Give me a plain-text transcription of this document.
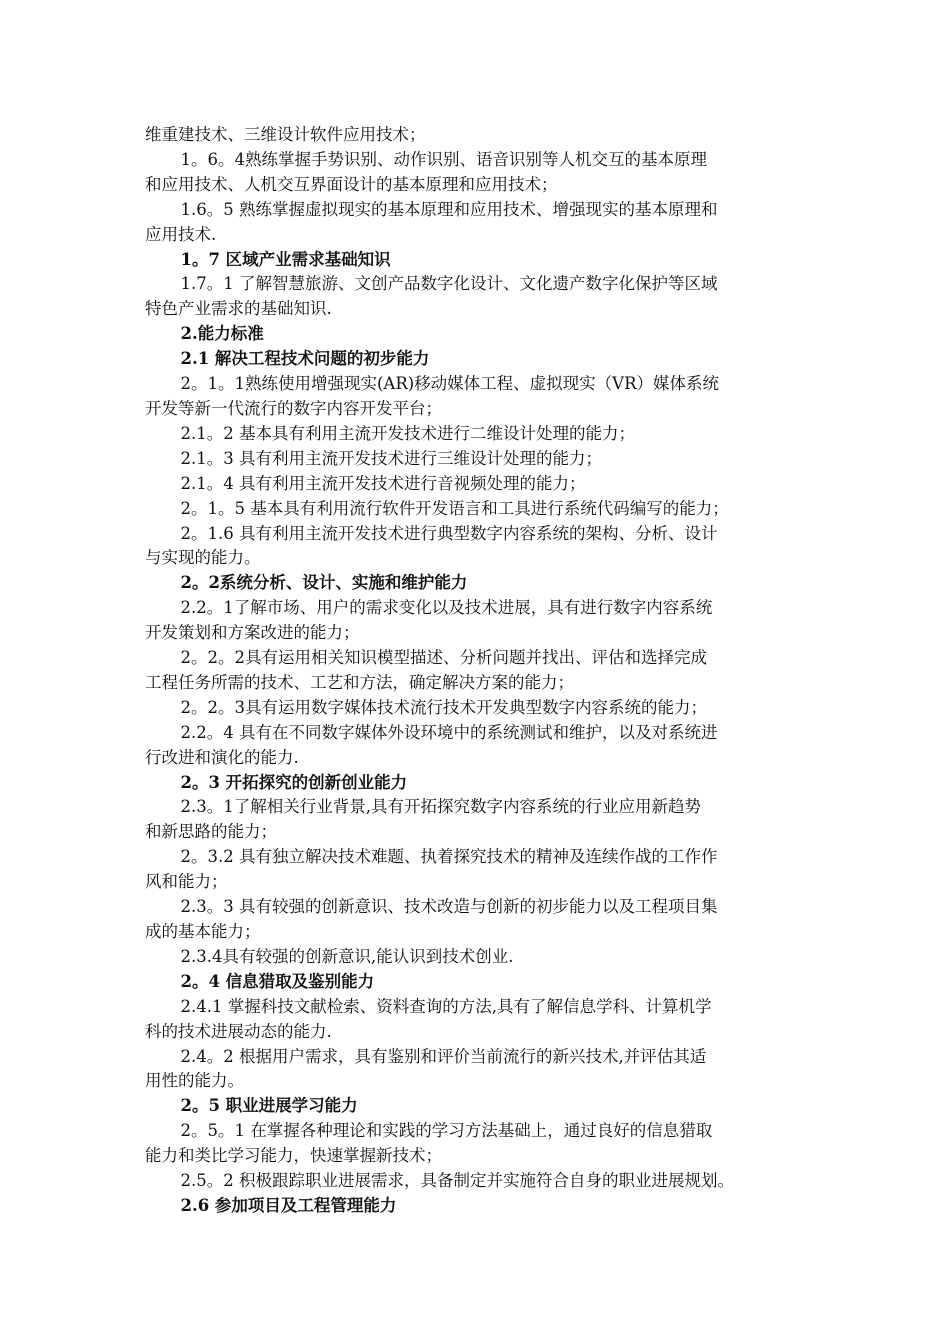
维重建技术、三维设计软件应用技术；

1。6。4熟练掌握手势识别、动作识别、语音识别等人机交互的基本原理

和应用技术、人机交互界面设计的基本原理和应用技术；

1.6。5 熟练掌握虚拟现实的基本原理和应用技术、增强现实的基本原理和

应用技术.

1。7 区域产业需求基础知识

1.7。1 了解智慧旅游、文创产品数字化设计、文化遗产数字化保护等区域

特色产业需求的基础知识.

2.能力标准

2.1 解决工程技术问题的初步能力

2。1。1熟练使用增强现实(AR)移动媒体工程、虚拟现实（VR）媒体系统

开发等新一代流行的数字内容开发平台；

2.1。2 基本具有利用主流开发技术进行二维设计处理的能力；

2.1。3 具有利用主流开发技术进行三维设计处理的能力；

2.1。4 具有利用主流开发技术进行音视频处理的能力；

2。1。5 基本具有利用流行软件开发语言和工具进行系统代码编写的能力；

2。1.6 具有利用主流开发技术进行典型数字内容系统的架构、分析、设计

与实现的能力。

2。2系统分析、设计、实施和维护能力

2.2。1了解市场、用户的需求变化以及技术进展，具有进行数字内容系统

开发策划和方案改进的能力；

2。2。2具有运用相关知识模型描述、分析问题并找出、评估和选择完成

工程任务所需的技术、工艺和方法，确定解决方案的能力；

2。2。3具有运用数字媒体技术流行技术开发典型数字内容系统的能力；

2.2。4 具有在不同数字媒体外设环境中的系统测试和维护，以及对系统进

行改进和演化的能力.

2。3 开拓探究的创新创业能力

2.3。1了解相关行业背景,具有开拓探究数字内容系统的行业应用新趋势

和新思路的能力；

2。3.2 具有独立解决技术难题、执着探究技术的精神及连续作战的工作作

风和能力；

2.3。3 具有较强的创新意识、技术改造与创新的初步能力以及工程项目集

成的基本能力；

2.3.4具有较强的创新意识,能认识到技术创业.

2。4 信息猎取及鉴别能力

2.4.1 掌握科技文献检索、资料查询的方法,具有了解信息学科、计算机学

科的技术进展动态的能力.

2.4。2 根据用户需求，具有鉴别和评价当前流行的新兴技术,并评估其适

用性的能力。

2。5 职业进展学习能力

2。5。1 在掌握各种理论和实践的学习方法基础上，通过良好的信息猎取

能力和类比学习能力，快速掌握新技术；

2.5。2 积极跟踪职业进展需求，具备制定并实施符合自身的职业进展规划。

2.6 参加项目及工程管理能力
